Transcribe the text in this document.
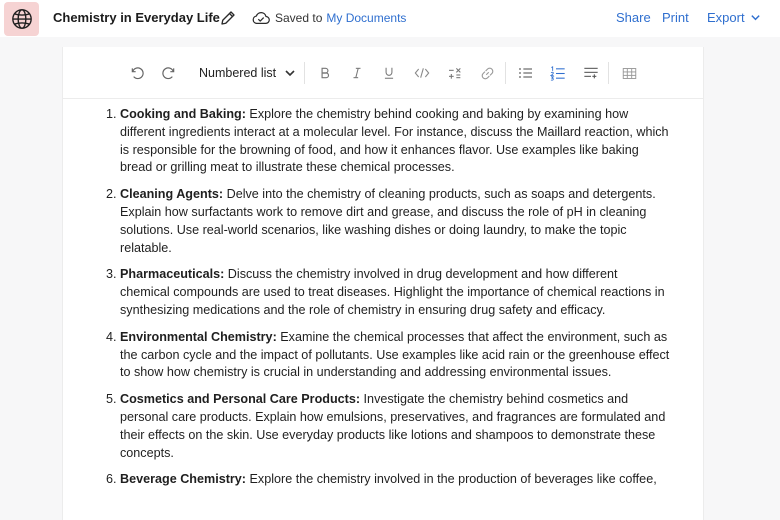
Chemistry in Everyday Life	Saved to My Documents	Share Print Export
Numbered list
1. Cooking and Baking: Explore the chemistry behind cooking and baking by examining how different ingredients interact at a molecular level. For instance, discuss the Maillard reaction, which is responsible for the browning of food, and how it enhances flavor. Use examples like baking bread or grilling meat to illustrate these chemical processes.
2. Cleaning Agents: Delve into the chemistry of cleaning products, such as soaps and detergents. Explain how surfactants work to remove dirt and grease, and discuss the role of pH in cleaning solutions. Use real-world scenarios, like washing dishes or doing laundry, to make the topic relatable.
3. Pharmaceuticals: Discuss the chemistry involved in drug development and how different chemical compounds are used to treat diseases. Highlight the importance of chemical reactions in synthesizing medications and the role of chemistry in ensuring drug safety and efficacy.
4. Environmental Chemistry: Examine the chemical processes that affect the environment, such as the carbon cycle and the impact of pollutants. Use examples like acid rain or the greenhouse effect to show how chemistry is crucial in understanding and addressing environmental issues.
5. Cosmetics and Personal Care Products: Investigate the chemistry behind cosmetics and personal care products. Explain how emulsions, preservatives, and fragrances are formulated and their effects on the skin. Use everyday products like lotions and shampoos to demonstrate these concepts.
6. Beverage Chemistry: Explore the chemistry involved in the production of beverages like coffee,
